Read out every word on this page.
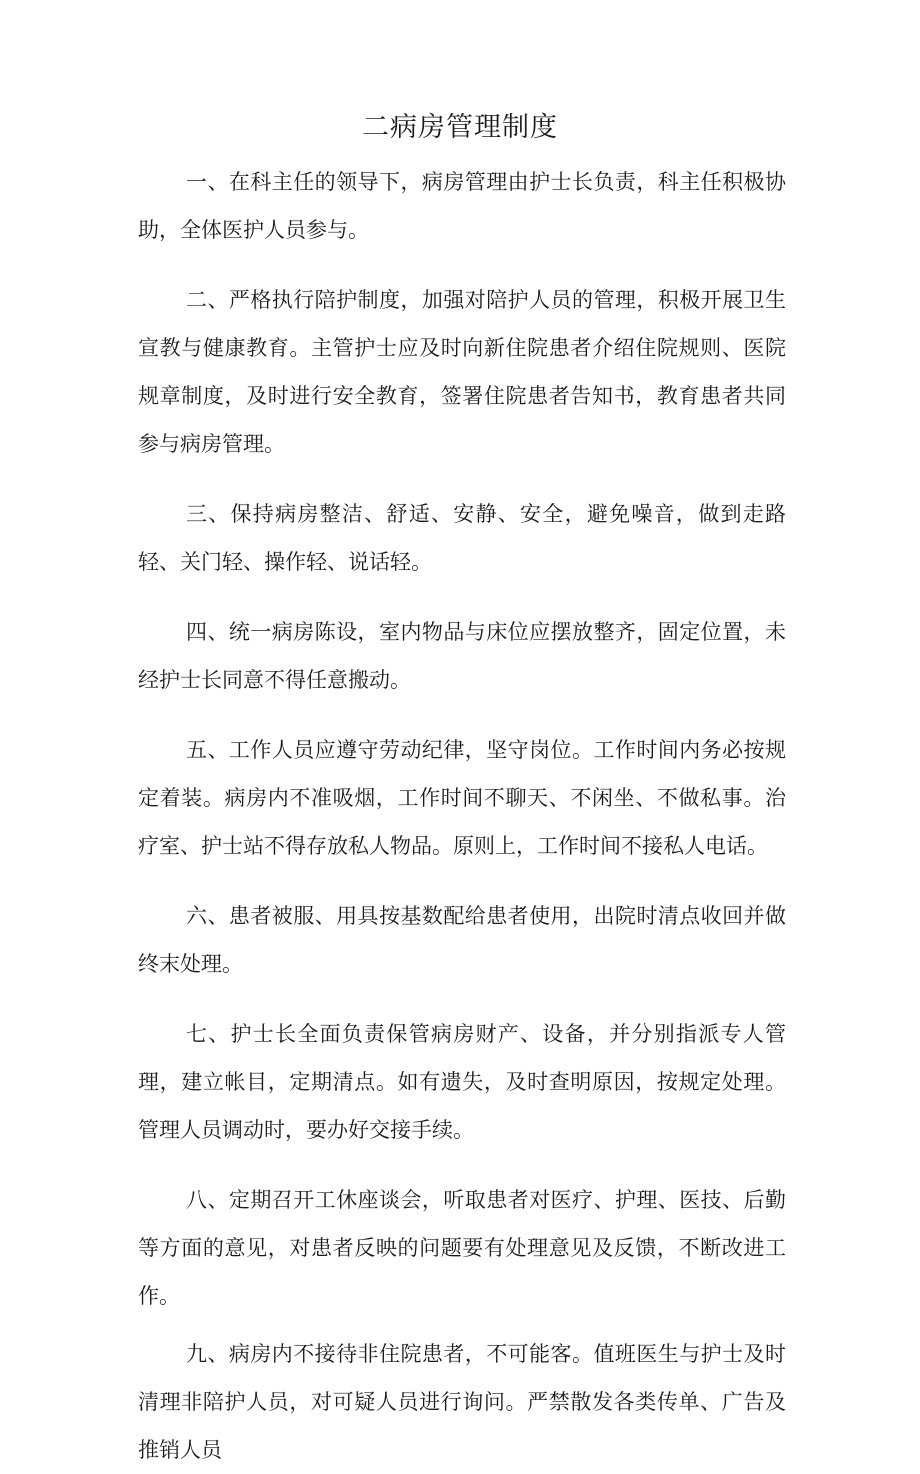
二病房管理制度

一、在科主任的领导下，病房管理由护士长负责，科主任积极协助，全体医护人员参与。

二、严格执行陪护制度，加强对陪护人员的管理，积极开展卫生宣教与健康教育。主管护士应及时向新住院患者介绍住院规则、医院规章制度，及时进行安全教育，签署住院患者告知书，教育患者共同参与病房管理。

三、保持病房整洁、舒适、安静、安全，避免噪音，做到走路轻、关门轻、操作轻、说话轻。

四、统一病房陈设，室内物品与床位应摆放整齐，固定位置，未经护士长同意不得任意搬动。

五、工作人员应遵守劳动纪律，坚守岗位。工作时间内务必按规定着装。病房内不准吸烟，工作时间不聊天、不闲坐、不做私事。治疗室、护士站不得存放私人物品。原则上，工作时间不接私人电话。

六、患者被服、用具按基数配给患者使用，出院时清点收回并做终末处理。

七、护士长全面负责保管病房财产、设备，并分别指派专人管理，建立帐目，定期清点。如有遗失，及时查明原因，按规定处理。管理人员调动时，要办好交接手续。

八、定期召开工休座谈会，听取患者对医疗、护理、医技、后勤等方面的意见，对患者反映的问题要有处理意见及反馈，不断改进工作。

九、病房内不接待非住院患者，不可能客。值班医生与护士及时清理非陪护人员，对可疑人员进行询问。严禁散发各类传单、广告及推销人员
